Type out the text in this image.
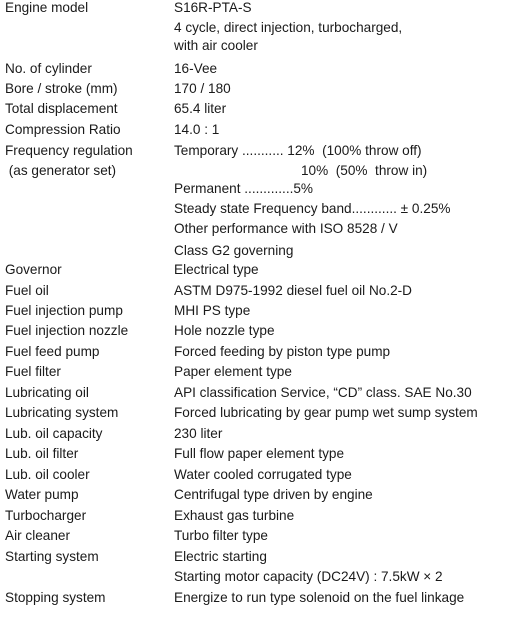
Engine model	S16R-PTA-S
4 cycle, direct injection, turbocharged,
with air cooler
No. of cylinder	16-Vee
Bore / stroke (mm)	170 / 180
Total displacement	65.4 liter
Compression Ratio	14.0 : 1
Frequency regulation	Temporary ........... 12%  (100% throw off)
(as generator set)	10%  (50%  throw in)
Permanent .............5%
Steady state Frequency band............ ± 0.25%
Other performance with ISO 8528 / V
Class G2 governing
Governor	Electrical type
Fuel oil	ASTM D975-1992 diesel fuel oil No.2-D
Fuel injection pump	MHI PS type
Fuel injection nozzle	Hole nozzle type
Fuel feed pump	Forced feeding by piston type pump
Fuel filter	Paper element type
Lubricating oil	API classification Service, “CD” class. SAE No.30
Lubricating system	Forced lubricating by gear pump wet sump system
Lub. oil capacity	230 liter
Lub. oil filter	Full flow paper element type
Lub. oil cooler	Water cooled corrugated type
Water pump	Centrifugal type driven by engine
Turbocharger	Exhaust gas turbine
Air cleaner	Turbo filter type
Starting system	Electric starting
Starting motor capacity (DC24V) : 7.5kW × 2
Stopping system	Energize to run type solenoid on the fuel linkage
